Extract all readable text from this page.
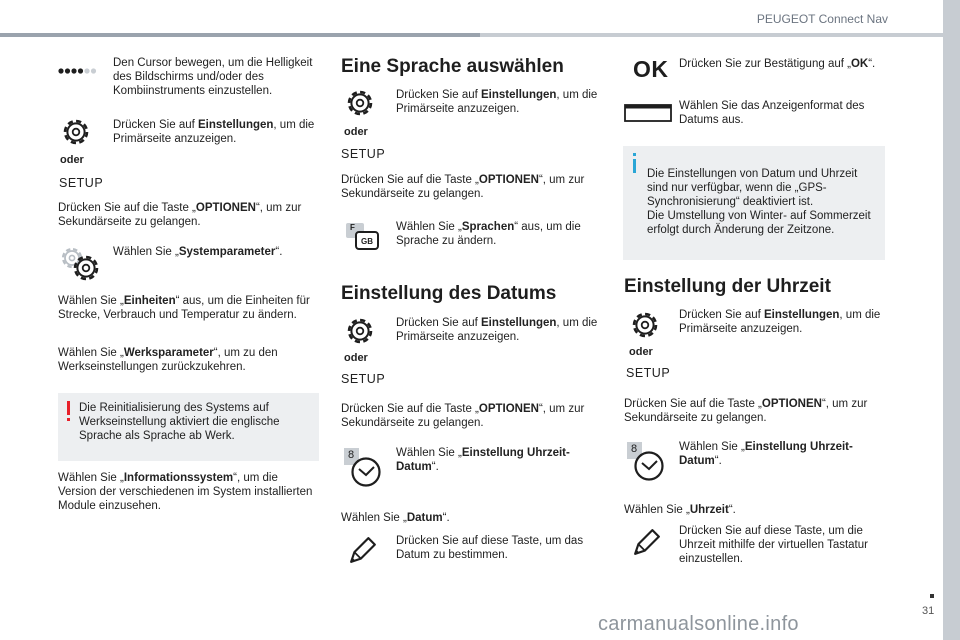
PEUGEOT Connect Nav
31
carmanualsonline.info
Den Cursor bewegen, um die Helligkeit des Bildschirms und/oder des Kombiinstruments einzustellen.
oder
SETUP
Drücken Sie auf Einstellungen, um die Primärseite anzuzeigen.
Drücken Sie auf die Taste „OPTIONEN“, um zur Sekundärseite zu gelangen.
Wählen Sie „Systemparameter“.
Wählen Sie „Einheiten“ aus, um die Einheiten für Strecke, Verbrauch und Temperatur zu ändern.
Wählen Sie „Werksparameter“, um zu den Werkseinstellungen zurückzukehren.
Die Reinitialisierung des Systems auf Werkseinstellung aktiviert die englische Sprache als Sprache ab Werk.
Wählen Sie „Informationssystem“, um die Version der verschiedenen im System installierten Module einzusehen.
Eine Sprache auswählen
oder
SETUP
Drücken Sie auf Einstellungen, um die Primärseite anzuzeigen.
Drücken Sie auf die Taste „OPTIONEN“, um zur Sekundärseite zu gelangen.
F
GB
Wählen Sie „Sprachen“ aus, um die Sprache zu ändern.
Einstellung des Datums
oder
SETUP
Drücken Sie auf Einstellungen, um die Primärseite anzuzeigen.
Drücken Sie auf die Taste „OPTIONEN“, um zur Sekundärseite zu gelangen.
8	Wählen Sie „Einstellung Uhrzeit-Datum“.
Wählen Sie „Datum“.
Drücken Sie auf diese Taste, um das Datum zu bestimmen.
OK Drücken Sie zur Bestätigung auf „OK“.
Wählen Sie das Anzeigenformat des Datums aus.

Die Einstellungen von Datum und Uhrzeit sind nur verfügbar, wenn die „GPS-Synchronisierung“ deaktiviert ist.
Die Umstellung von Winter- auf Sommerzeit erfolgt durch Änderung der Zeitzone.

Einstellung der Uhrzeit
oder
SETUP
Drücken Sie auf Einstellungen, um die Primärseite anzuzeigen.
Drücken Sie auf die Taste „OPTIONEN“, um zur Sekundärseite zu gelangen.
8	Wählen Sie „Einstellung Uhrzeit-Datum“.
Wählen Sie „Uhrzeit“.
Drücken Sie auf diese Taste, um die Uhrzeit mithilfe der virtuellen Tastatur einzustellen.
